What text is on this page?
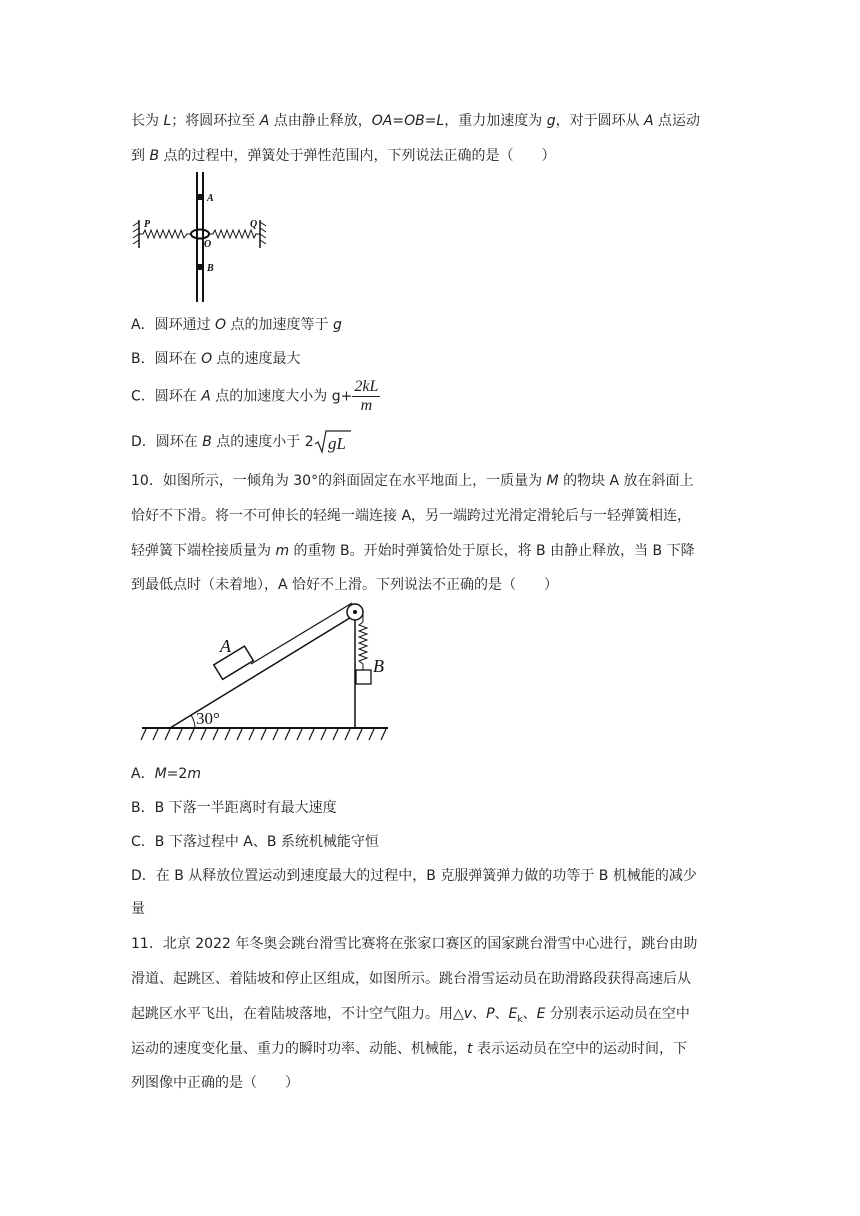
长为 L；将圆环拉至 A 点由静止释放，OA=OB=L，重力加速度为 g，对于圆环从 A 点运动
到 B 点的过程中，弹簧处于弹性范围内，下列说法正确的是（　　）
P	Q
O
A
B
A．圆环通过 O 点的加速度等于 g
B．圆环在 O 点的速度最大
C．圆环在 A 点的加速度大小为 $g+ \frac{2kL}{m}$
D．圆环在 B 点的速度小于 2 gL
10．如图所示，一倾角为 30°的斜面固定在水平地面上，一质量为 M 的物块 A 放在斜面上
恰好不下滑。将一不可伸长的轻绳一端连接 A，另一端跨过光滑定滑轮后与一轻弹簧相连，
轻弹簧下端栓接质量为 m 的重物 B。开始时弹簧恰处于原长，将 B 由静止释放，当 B 下降
到最低点时（未着地），A 恰好不上滑。下列说法不正确的是（　　）
30°
A
B
A．M=2m
B．B 下落一半距离时有最大速度
C．B 下落过程中 A、B 系统机械能守恒
D．在 B 从释放位置运动到速度最大的过程中，B 克服弹簧弹力做的功等于 B 机械能的减少
量
11．北京 2022 年冬奥会跳台滑雪比赛将在张家口赛区的国家跳台滑雪中心进行，跳台由助
滑道、起跳区、着陆坡和停止区组成，如图所示。跳台滑雪运动员在助滑路段获得高速后从
起跳区水平飞出，在着陆坡落地，不计空气阻力。用△v、P、$E_k$、E 分别表示运动员在空中
运动的速度变化量、重力的瞬时功率、动能、机械能，t 表示运动员在空中的运动时间，下
列图像中正确的是（　　）
